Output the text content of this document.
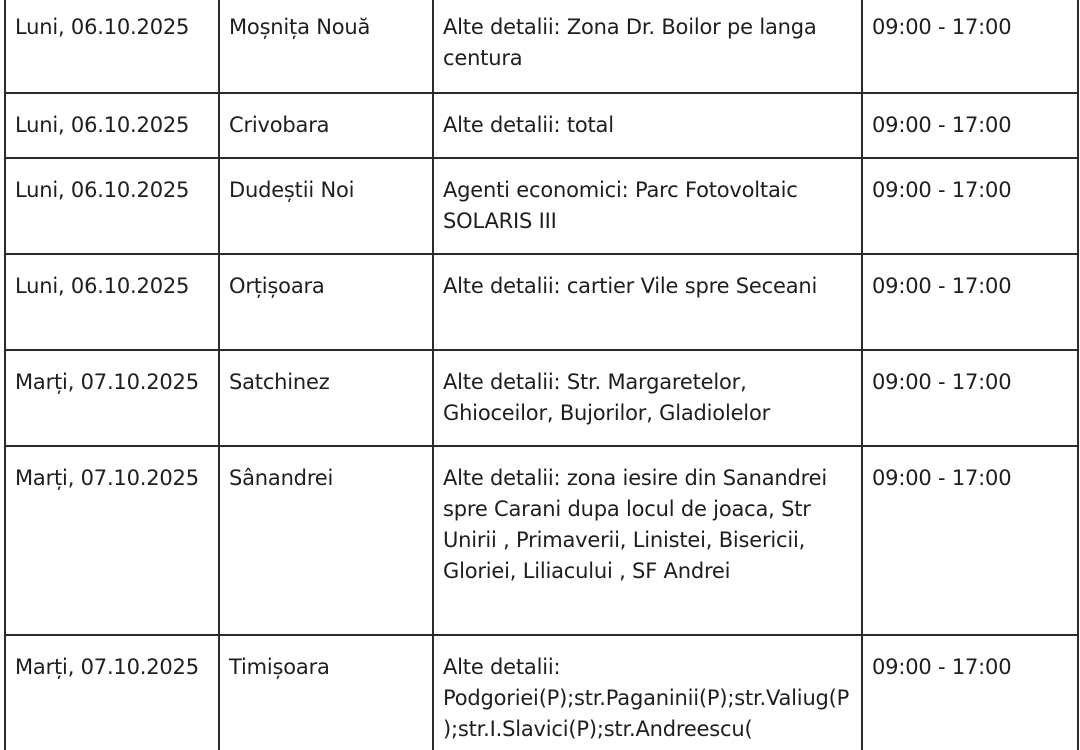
Luni, 06.10.2025	Moșnița Nouă	Alte detalii: Zona Dr. Boilor pe langa centura	09:00 - 17:00
Luni, 06.10.2025	Crivobara	Alte detalii: total	09:00 - 17:00
Luni, 06.10.2025	Dudeștii Noi	Agenti economici: Parc Fotovoltaic SOLARIS III	09:00 - 17:00
Luni, 06.10.2025	Orțișoara	Alte detalii: cartier Vile spre Seceani	09:00 - 17:00
Marți, 07.10.2025	Satchinez	Alte detalii: Str. Margaretelor, Ghioceilor, Bujorilor, Gladiolelor	09:00 - 17:00
Marți, 07.10.2025	Sânandrei	Alte detalii: zona iesire din Sanandrei spre Carani dupa locul de joaca, Str Unirii , Primaverii, Linistei, Bisericii, Gloriei, Liliacului , SF Andrei	09:00 - 17:00
Marți, 07.10.2025	Timișoara	Alte detalii: Podgoriei(P);str.Paganinii(P);str.Valiug(P);str.I.Slavici(P);str.Andreescu(	09:00 - 17:00
